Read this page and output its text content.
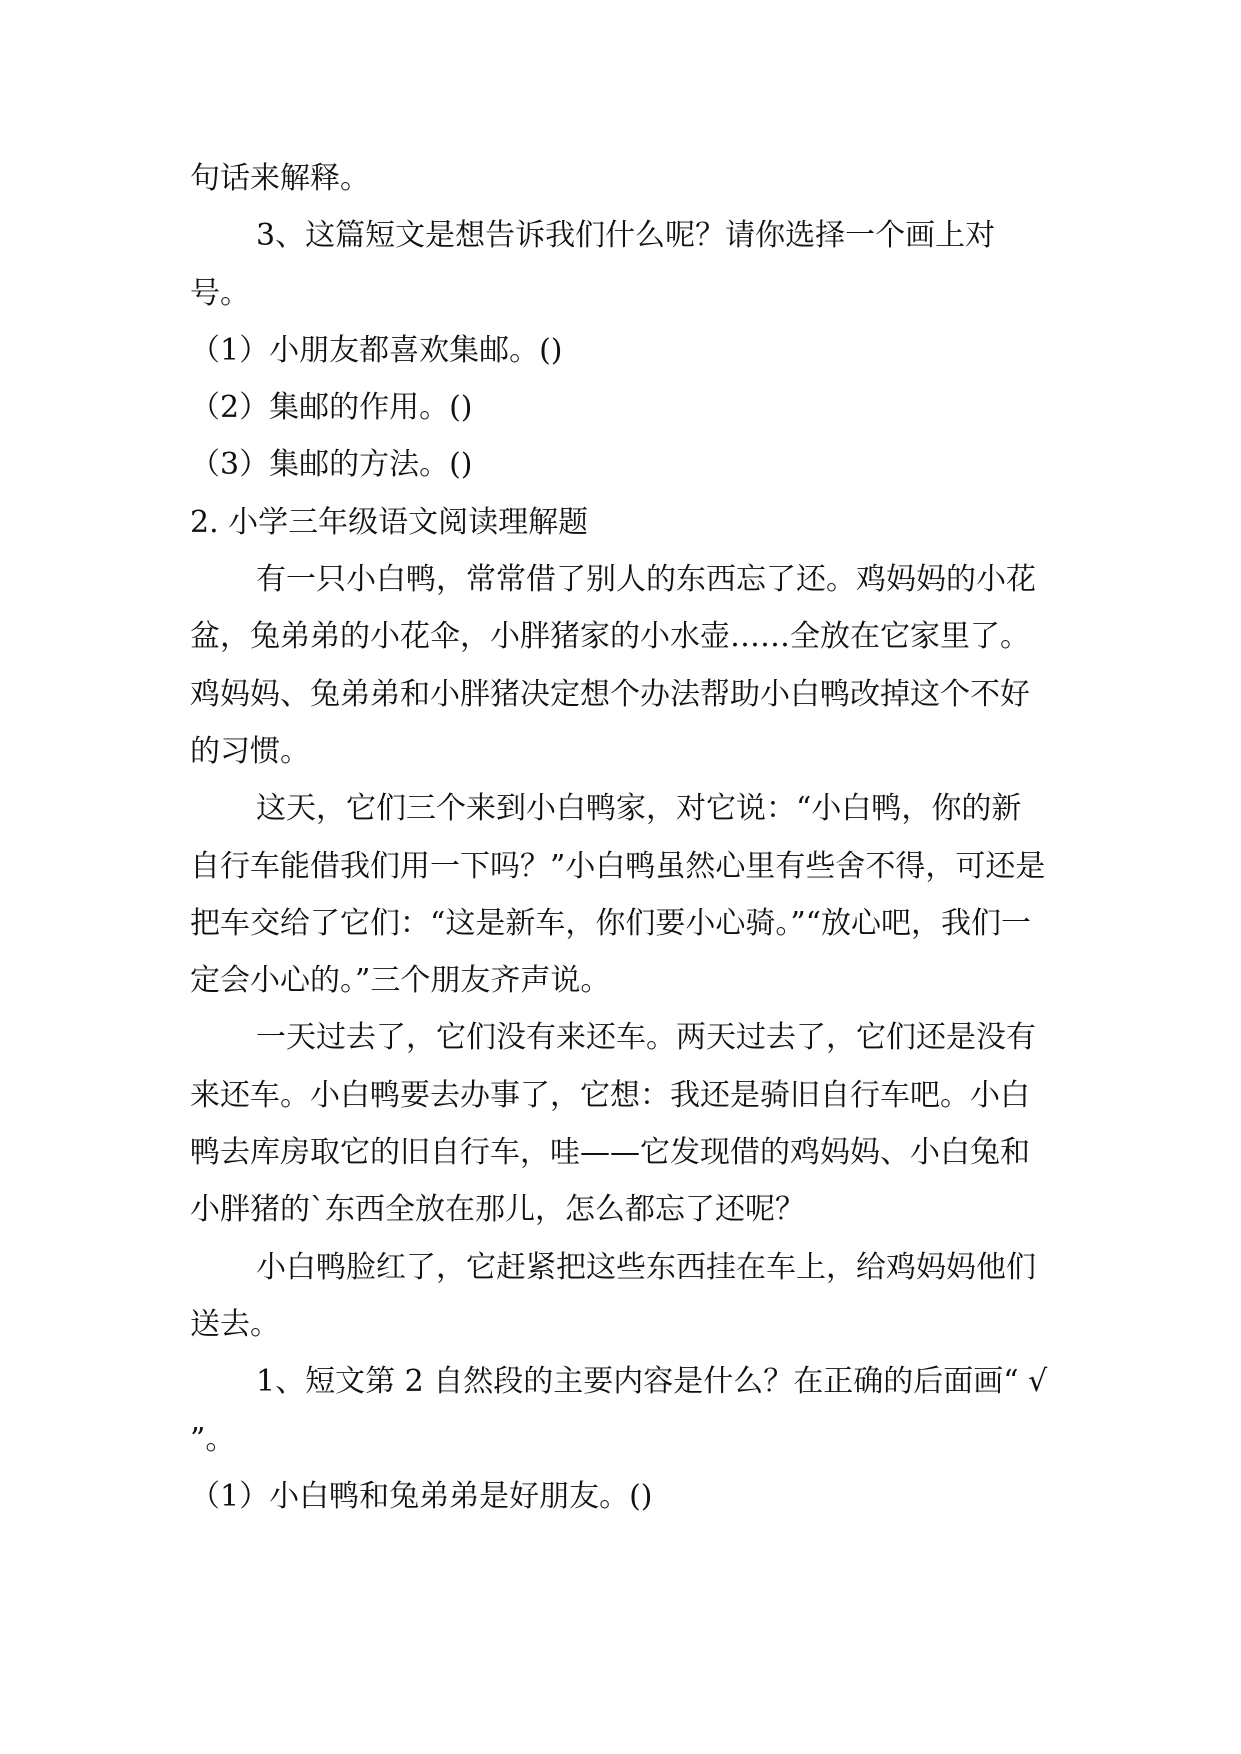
句话来解释。

3、这篇短文是想告诉我们什么呢？请你选择一个画上对号。

（1）小朋友都喜欢集邮。()

（2）集邮的作用。()

（3）集邮的方法。()

2. 小学三年级语文阅读理解题

有一只小白鸭，常常借了别人的东西忘了还。鸡妈妈的小花盆，兔弟弟的小花伞，小胖猪家的小水壶……全放在它家里了。鸡妈妈、兔弟弟和小胖猪决定想个办法帮助小白鸭改掉这个不好的习惯。

这天，它们三个来到小白鸭家，对它说：“小白鸭，你的新自行车能借我们用一下吗？”小白鸭虽然心里有些舍不得，可还是把车交给了它们：“这是新车，你们要小心骑。”“放心吧，我们一定会小心的。”三个朋友齐声说。

一天过去了，它们没有来还车。两天过去了，它们还是没有来还车。小白鸭要去办事了，它想：我还是骑旧自行车吧。小白鸭去库房取它的旧自行车，哇——它发现借的鸡妈妈、小白兔和小胖猪的`东西全放在那儿，怎么都忘了还呢？

小白鸭脸红了，它赶紧把这些东西挂在车上，给鸡妈妈他们送去。

1、短文第 2 自然段的主要内容是什么？在正确的后面画“ √ ”。

（1）小白鸭和兔弟弟是好朋友。()
